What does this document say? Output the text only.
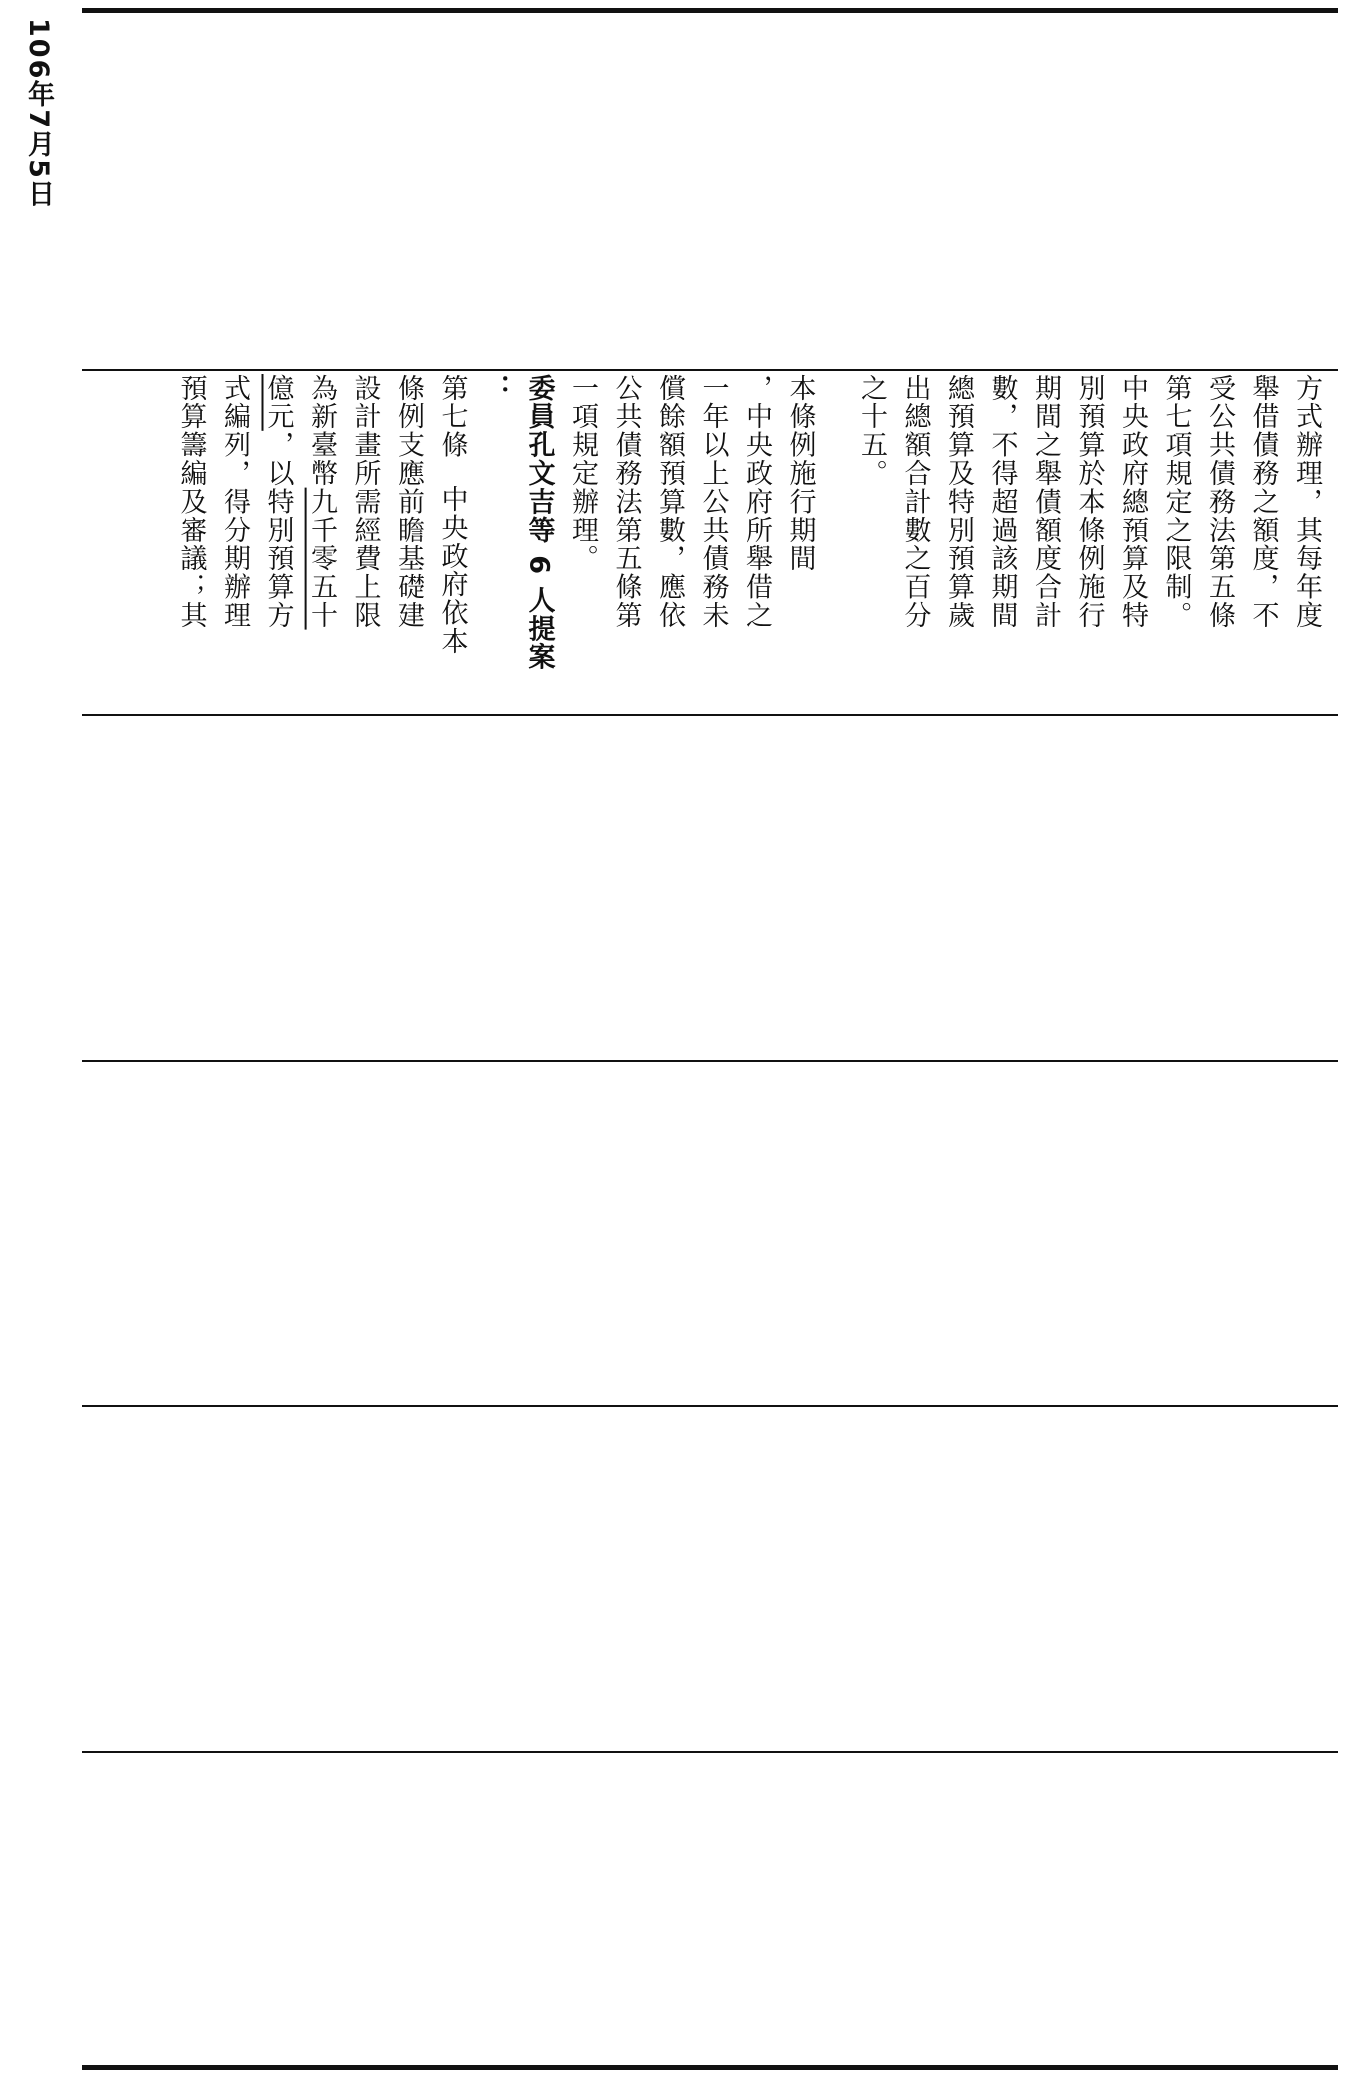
106年7月5日
方式辦理，其每年度
舉借債務之額度，不
受公共債務法第五條
第七項規定之限制。
中央政府總預算及特
別預算於本條例施行
期間之舉債額度合計
數，不得超過該期間
總預算及特別預算歲
出總額合計數之百分
之十五。
本條例施行期間
，中央政府所舉借之
一年以上公共債務未
償餘額預算數，應依
公共債務法第五條第
一項規定辦理。
委員孔文吉等 6 人提案
：
第七條中央政府依本
條例支應前瞻基礎建
設計畫所需經費上限
為新臺幣九千零五十
億元，以特別預算方
式編列，得分期辦理
預算籌編及審議；其
